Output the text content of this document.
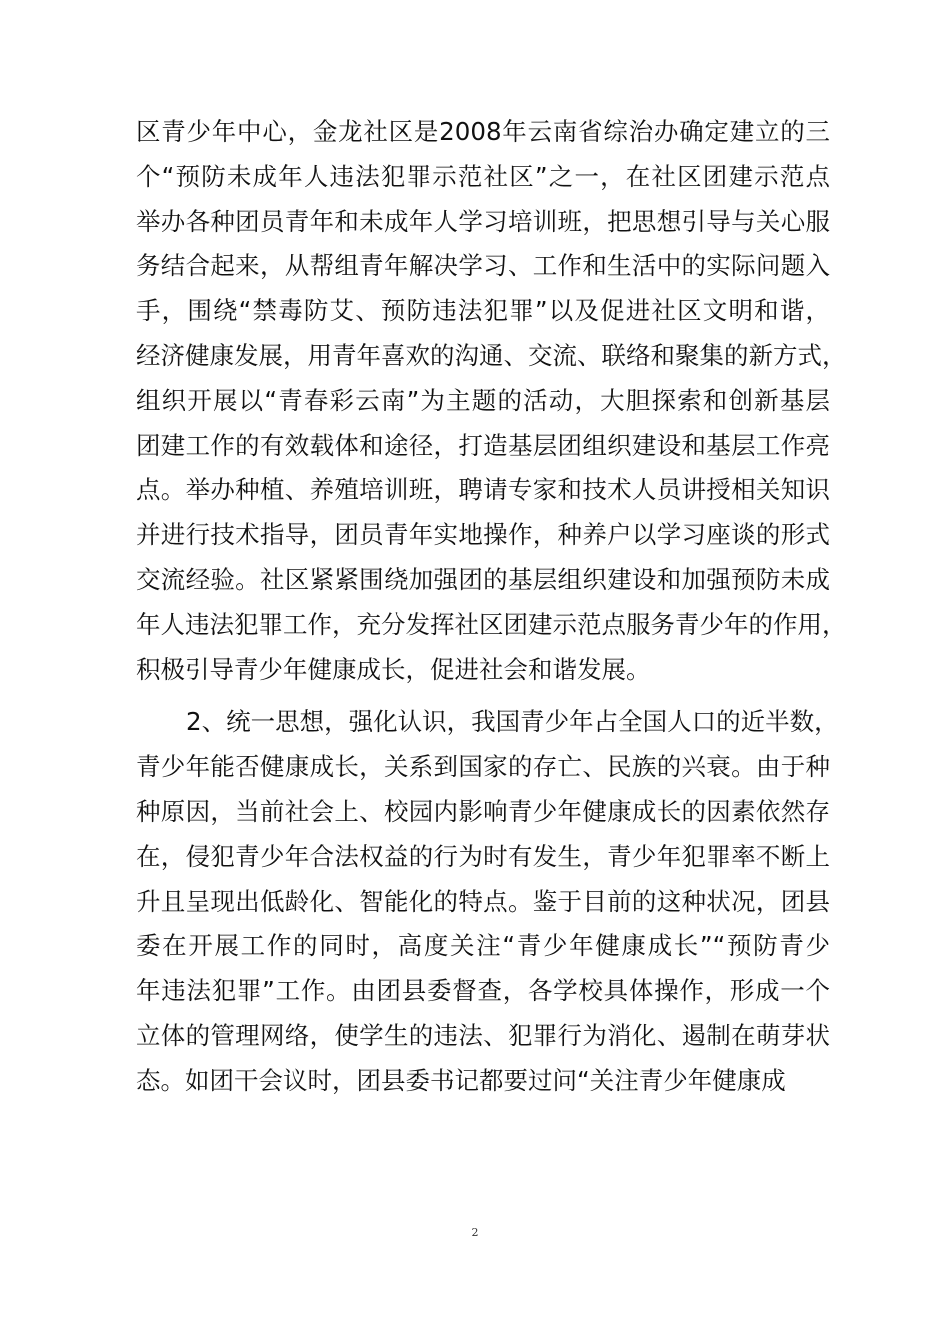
区青少年中心，金龙社区是2008年云南省综治办确定建立的三
个“预防未成年人违法犯罪示范社区”之一，在社区团建示范点
举办各种团员青年和未成年人学习培训班，把思想引导与关心服
务结合起来，从帮组青年解决学习、工作和生活中的实际问题入
手，围绕“禁毒防艾、预防违法犯罪”以及促进社区文明和谐，
经济健康发展，用青年喜欢的沟通、交流、联络和聚集的新方式，
组织开展以“青春彩云南”为主题的活动，大胆探索和创新基层
团建工作的有效载体和途径，打造基层团组织建设和基层工作亮
点。举办种植、养殖培训班，聘请专家和技术人员讲授相关知识
并进行技术指导，团员青年实地操作，种养户以学习座谈的形式
交流经验。社区紧紧围绕加强团的基层组织建设和加强预防未成
年人违法犯罪工作，充分发挥社区团建示范点服务青少年的作用，
积极引导青少年健康成长，促进社会和谐发展。
2、统一思想，强化认识，我国青少年占全国人口的近半数，
青少年能否健康成长，关系到国家的存亡、民族的兴衰。由于种
种原因，当前社会上、校园内影响青少年健康成长的因素依然存
在，侵犯青少年合法权益的行为时有发生，青少年犯罪率不断上
升且呈现出低龄化、智能化的特点。鉴于目前的这种状况，团县
委在开展工作的同时，高度关注“青少年健康成长”“预防青少
年违法犯罪”工作。由团县委督查，各学校具体操作，形成一个
立体的管理网络，使学生的违法、犯罪行为消化、遏制在萌芽状
态。如团干会议时，团县委书记都要过问“关注青少年健康成
2
